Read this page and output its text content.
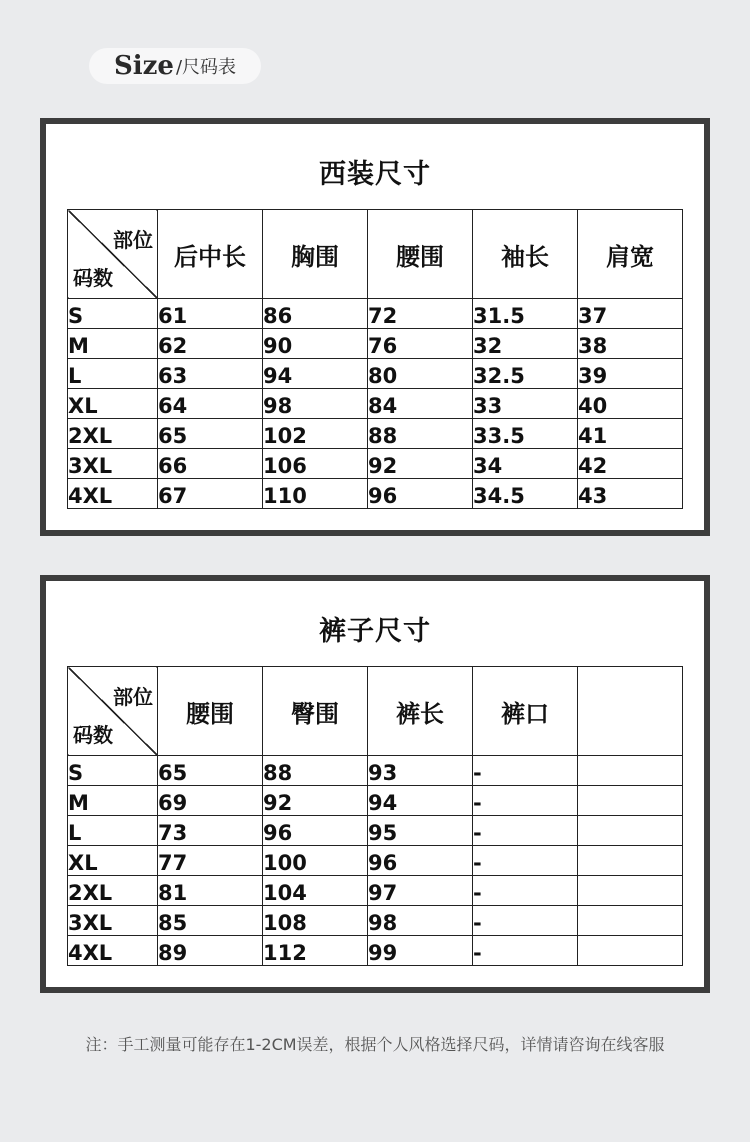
Size /尺码表
西装尺寸
部位
码数	后中长	胸围	腰围	袖长	肩宽
S	61	86	72	31.5	37
M	62	90	76	32	38
L	63	94	80	32.5	39
XL	64	98	84	33	40
2XL	65	102	88	33.5	41
3XL	66	106	92	34	42
4XL	67	110	96	34.5	43
裤子尺寸
部位
码数	腰围	臀围	裤长	裤口	
S	65	88	93	-	
M	69	92	94	-	
L	73	96	95	-	
XL	77	100	96	-	
2XL	81	104	97	-	
3XL	85	108	98	-	
4XL	89	112	99	-	
注：手工测量可能存在1-2CM误差，根据个人风格选择尺码，详情请咨询在线客服
